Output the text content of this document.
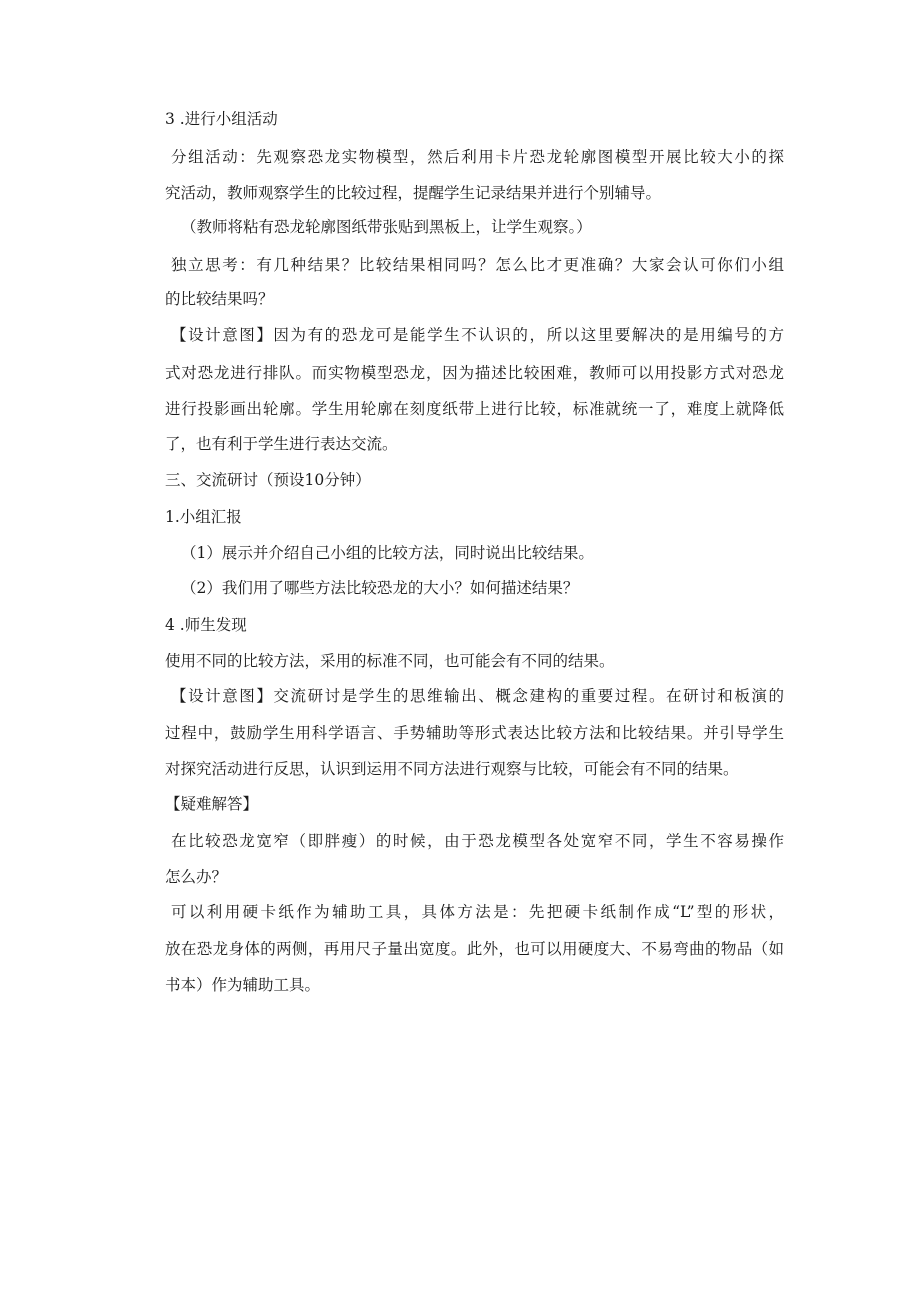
3 .进行小组活动
分组活动：先观察恐龙实物模型，然后利用卡片恐龙轮廓图模型开展比较大小的探
究活动，教师观察学生的比较过程，提醒学生记录结果并进行个别辅导。
（教师将粘有恐龙轮廓图纸带张贴到黑板上，让学生观察。）
独立思考：有几种结果？比较结果相同吗？怎么比才更准确？大家会认可你们小组
的比较结果吗？
【设计意图】因为有的恐龙可是能学生不认识的，所以这里要解决的是用编号的方
式对恐龙进行排队。而实物模型恐龙，因为描述比较困难，教师可以用投影方式对恐龙
进行投影画出轮廓。学生用轮廓在刻度纸带上进行比较，标准就统一了，难度上就降低
了，也有利于学生进行表达交流。
三、交流研讨（预设10分钟）
1.小组汇报
（1）展示并介绍自己小组的比较方法，同时说出比较结果。
（2）我们用了哪些方法比较恐龙的大小？如何描述结果？
4 .师生发现
使用不同的比较方法，采用的标准不同，也可能会有不同的结果。
【设计意图】交流研讨是学生的思维输出、概念建构的重要过程。在研讨和板演的
过程中，鼓励学生用科学语言、手势辅助等形式表达比较方法和比较结果。并引导学生
对探究活动进行反思，认识到运用不同方法进行观察与比较，可能会有不同的结果。
【疑难解答】
在比较恐龙宽窄（即胖瘦）的时候，由于恐龙模型各处宽窄不同，学生不容易操作
怎么办？
可以利用硬卡纸作为辅助工具，具体方法是：先把硬卡纸制作成“L”型的形状，
放在恐龙身体的两侧，再用尺子量出宽度。此外，也可以用硬度大、不易弯曲的物品（如
书本）作为辅助工具。
